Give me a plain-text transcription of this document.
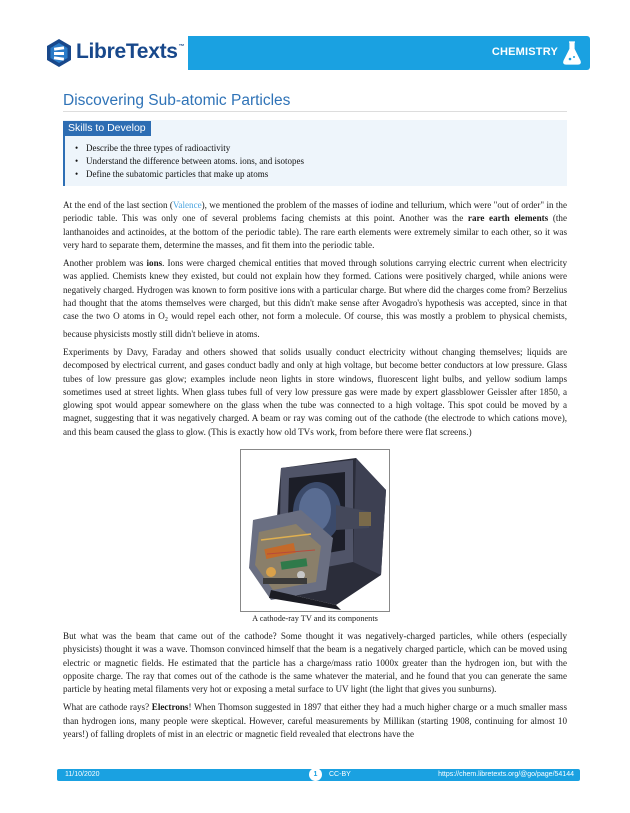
LibreTexts™	CHEMISTRY
Discovering Sub-atomic Particles
Skills to Develop
• Describe the three types of radioactivity
• Understand the difference between atoms. ions, and isotopes
• Define the subatomic particles that make up atoms

At the end of the last section (Valence), we mentioned the problem of the masses of iodine and tellurium, which were "out of order" in the periodic table. This was only one of several problems facing chemists at this point. Another was the rare earth elements (the lanthanoides and actinoides, at the bottom of the periodic table). The rare earth elements were extremely similar to each other, so it was very hard to separate them, determine the masses, and fit them into the periodic table.

Another problem was ions. Ions were charged chemical entities that moved through solutions carrying electric current when electricity was applied. Chemists knew they existed, but could not explain how they formed. Cations were positively charged, while anions were negatively charged. Hydrogen was known to form positive ions with a particular charge. But where did the charges come from? Berzelius had thought that the atoms themselves were charged, but this didn't make sense after Avogadro's hypothesis was accepted, since in that case the two O atoms in $O_2$ would repel each other, not form a molecule. Of course, this was mostly a problem to physical chemists, because physicists mostly still didn't believe in atoms.

Experiments by Davy, Faraday and others showed that solids usually conduct electricity without changing themselves; liquids are decomposed by electrical current, and gases conduct badly and only at high voltage, but become better conductors at low pressure. Glass tubes of low pressure gas glow; examples include neon lights in store windows, fluorescent light bulbs, and yellow sodium lamps sometimes used at street lights. When glass tubes full of very low pressure gas were made by expert glassblower Geissler after 1850, a glowing spot would appear somewhere on the glass when the tube was connected to a high voltage. This spot could be moved by a magnet, suggesting that it was negatively charged. A beam or ray was coming out of the cathode (the electrode to which cations move), and this beam caused the glass to glow. (This is exactly how old TVs work, from before there were flat screens.)

A cathode-ray TV and its components

But what was the beam that came out of the cathode? Some thought it was negatively-charged particles, while others (especially physicists) thought it was a wave. Thomson convinced himself that the beam is a negatively charged particle, which can be moved using electric or magnetic fields. He estimated that the particle has a charge/mass ratio 1000x greater than the hydrogen ion, but with the opposite charge. The ray that comes out of the cathode is the same whatever the material, and he found that you can generate the same particle by heating metal filaments very hot or exposing a metal surface to UV light (the light that gives you sunburns).

What are cathode rays? Electrons! When Thomson suggested in 1897 that either they had a much higher charge or a much smaller mass than hydrogen ions, many people were skeptical. However, careful measurements by Millikan (starting 1908, continuing for almost 10 years!) of falling droplets of mist in an electric or magnetic field revealed that electrons have the

11/10/2020	1	CC-BY	https://chem.libretexts.org/@go/page/54144
